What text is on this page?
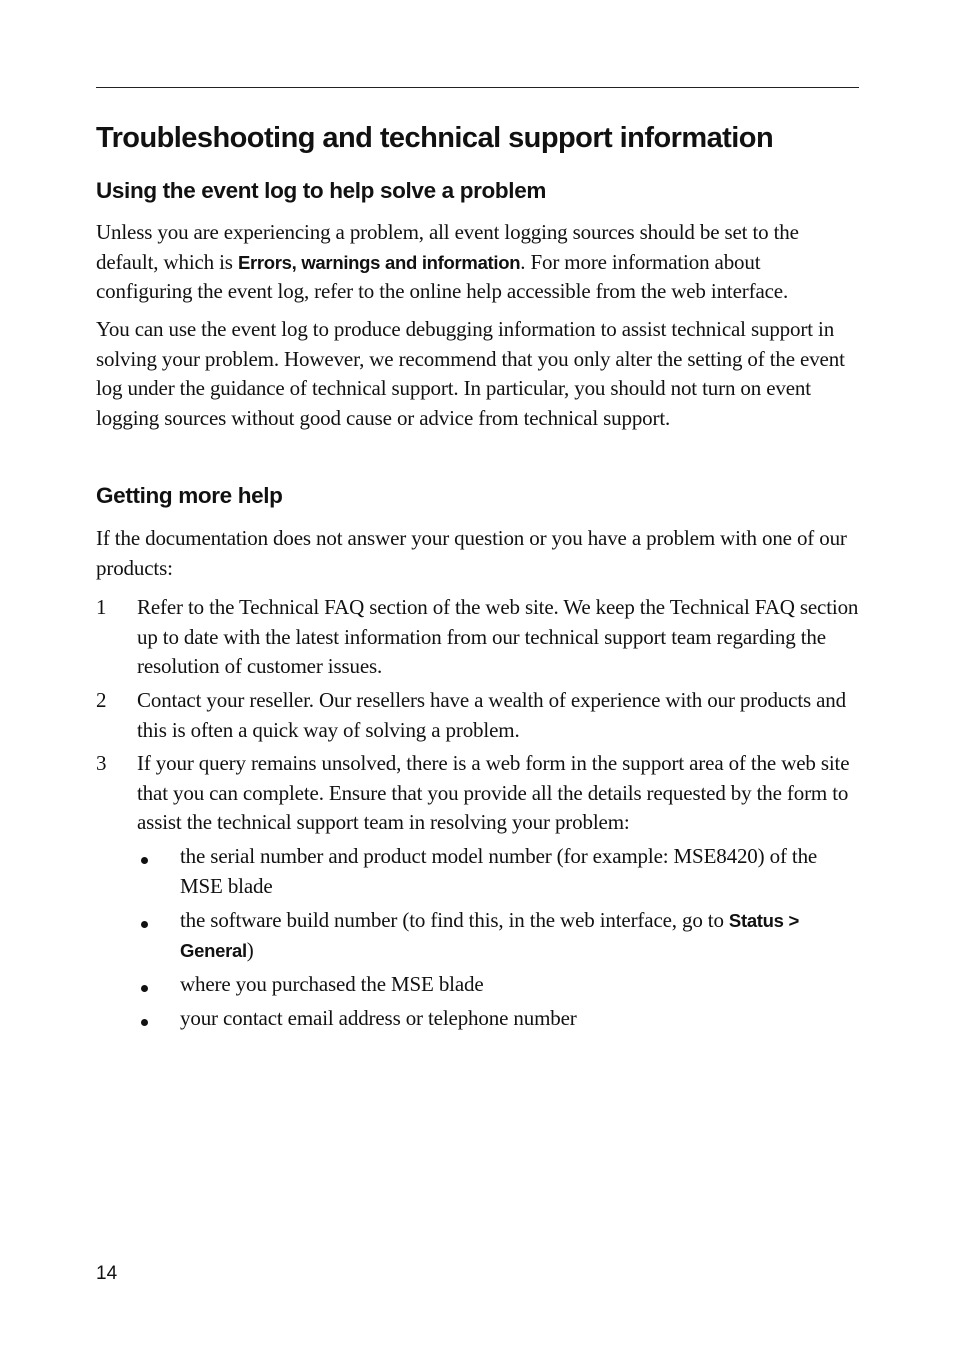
Troubleshooting and technical support information
Using the event log to help solve a problem

Unless you are experiencing a problem, all event logging sources should be set to the default, which is Errors, warnings and information. For more information about configuring the event log, refer to the online help accessible from the web interface.

You can use the event log to produce debugging information to assist technical support in solving your problem. However, we recommend that you only alter the setting of the event log under the guidance of technical support. In particular, you should not turn on event logging sources without good cause or advice from technical support.

Getting more help

If the documentation does not answer your question or you have a problem with one of our products:

1	Refer to the Technical FAQ section of the web site. We keep the Technical FAQ section up to date with the latest information from our technical support team regarding the resolution of customer issues.
2	Contact your reseller. Our resellers have a wealth of experience with our products and this is often a quick way of solving a problem.
3	If your query remains unsolved, there is a web form in the support area of the web site that you can complete. Ensure that you provide all the details requested by the form to assist the technical support team in resolving your problem:
the serial number and product model number (for example: MSE8420) of the MSE blade
the software build number (to find this, in the web interface, go to Status > General)
where you purchased the MSE blade
your contact email address or telephone number
14
